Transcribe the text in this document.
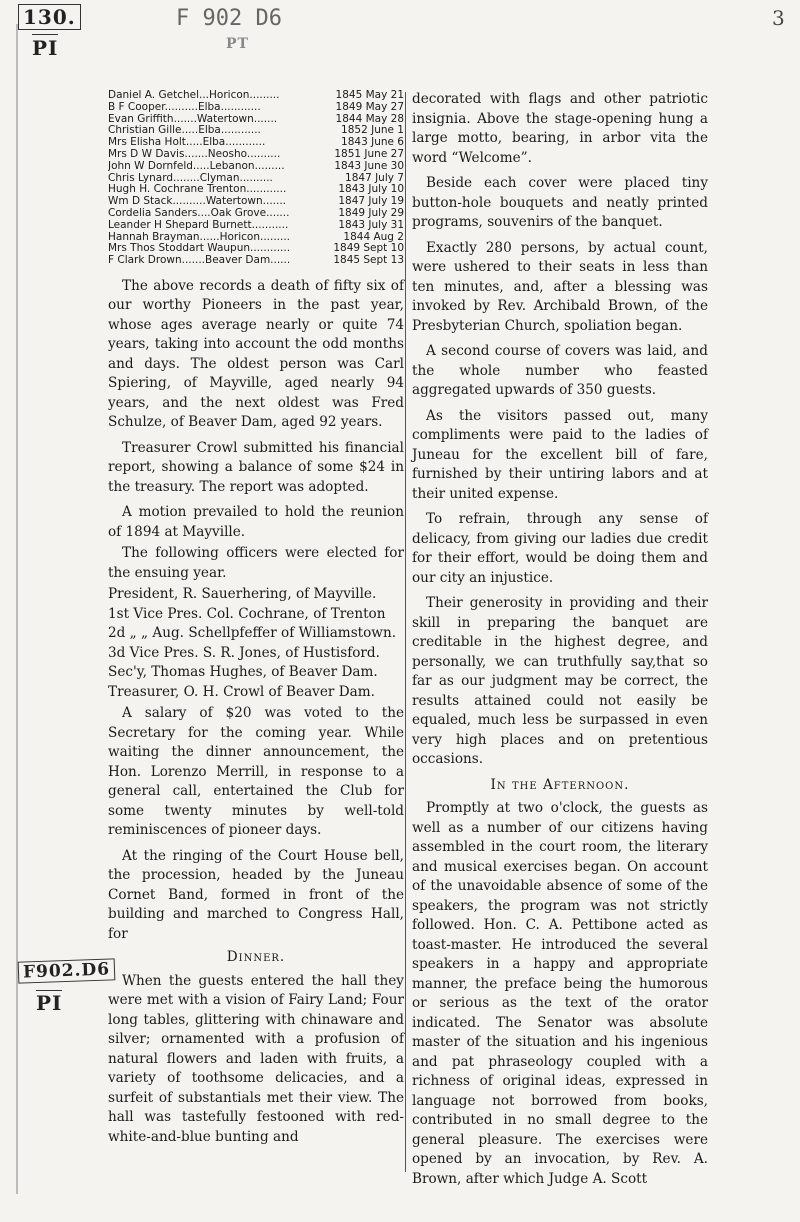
130.
PI
F 902 D6
PT
3
F902.D6
PI
Daniel A. Getchel...Horicon.........	1845 May 21
B F Cooper..........Elba............	1849 May 27
Evan Griffith.......Watertown.......	1844 May 28
Christian Gille.....Elba............	1852 June 1
Mrs Elisha Holt.....Elba............	1843 June 6
Mrs D W Davis.......Neosho..........	1851 June 27
John W Dornfeld.....Lebanon.........	1843 June 30
Chris Lynard........Clyman..........	1847 July 7
Hugh H. Cochrane Trenton............	1843 July 10
Wm D Stack..........Watertown.......	1847 July 19
Cordelia Sanders....Oak Grove.......	1849 July 29
Leander H Shepard Burnett...........	1843 July 31
Hannah Brayman......Horicon.........	1844 Aug 2
Mrs Thos Stoddart Waupun............	1849 Sept 10
F Clark Drown.......Beaver Dam......	1845 Sept 13

The above records a death of fifty six of our worthy Pioneers in the past year, whose ages average nearly or quite 74 years, taking into account the odd months and days. The oldest person was Carl Spiering, of Mayville, aged nearly 94 years, and the next oldest was Fred Schulze, of Beaver Dam, aged 92 years.

Treasurer Crowl submitted his financial report, showing a balance of some $24 in the treasury. The report was adopted.

A motion prevailed to hold the reunion of 1894 at Mayville.

The following officers were elected for the ensuing year.

President, R. Sauerhering, of Mayville.

1st Vice Pres. Col. Cochrane, of Trenton

2d „ „ Aug. Schellpfeffer of Williamstown.

3d Vice Pres. S. R. Jones, of Hustisford.

Sec'y, Thomas Hughes, of Beaver Dam.

Treasurer, O. H. Crowl of Beaver Dam.

A salary of $20 was voted to the Secretary for the coming year. While waiting the dinner announcement, the Hon. Lorenzo Merrill, in response to a general call, entertained the Club for some twenty minutes by well-told reminiscences of pioneer days.

At the ringing of the Court House bell, the procession, headed by the Juneau Cornet Band, formed in front of the building and marched to Congress Hall, for

Dinner.

When the guests entered the hall they were met with a vision of Fairy Land; Four long tables, glittering with chinaware and silver; ornamented with a profusion of natural flowers and laden with fruits, a variety of toothsome delicacies, and a surfeit of substantials met their view. The hall was tastefully festooned with red-white-and-blue bunting and

decorated with flags and other patriotic insignia. Above the stage-opening hung a large motto, bearing, in arbor vita the word “Welcome”.

Beside each cover were placed tiny button-hole bouquets and neatly printed programs, souvenirs of the banquet.

Exactly 280 persons, by actual count, were ushered to their seats in less than ten minutes, and, after a blessing was invoked by Rev. Archibald Brown, of the Presbyterian Church, spoliation began.

A second course of covers was laid, and the whole number who feasted aggregated upwards of 350 guests.

As the visitors passed out, many compliments were paid to the ladies of Juneau for the excellent bill of fare, furnished by their untiring labors and at their united expense.

To refrain, through any sense of delicacy, from giving our ladies due credit for their effort, would be doing them and our city an injustice.

Their generosity in providing and their skill in preparing the banquet are creditable in the highest degree, and personally, we can truthfully say,that so far as our judgment may be correct, the results attained could not easily be equaled, much less be surpassed in even very high places and on pretentious occasions.

In the Afternoon.

Promptly at two o'clock, the guests as well as a number of our citizens having assembled in the court room, the literary and musical exercises began. On account of the unavoidable absence of some of the speakers, the program was not strictly followed. Hon. C. A. Pettibone acted as toast-master. He introduced the several speakers in a happy and appropriate manner, the preface being the humorous or serious as the text of the orator indicated. The Senator was absolute master of the situation and his ingenious and pat phraseology coupled with a richness of original ideas, expressed in language not borrowed from books, contributed in no small degree to the general pleasure. The exercises were opened by an invocation, by Rev. A. Brown, after which Judge A. Scott
